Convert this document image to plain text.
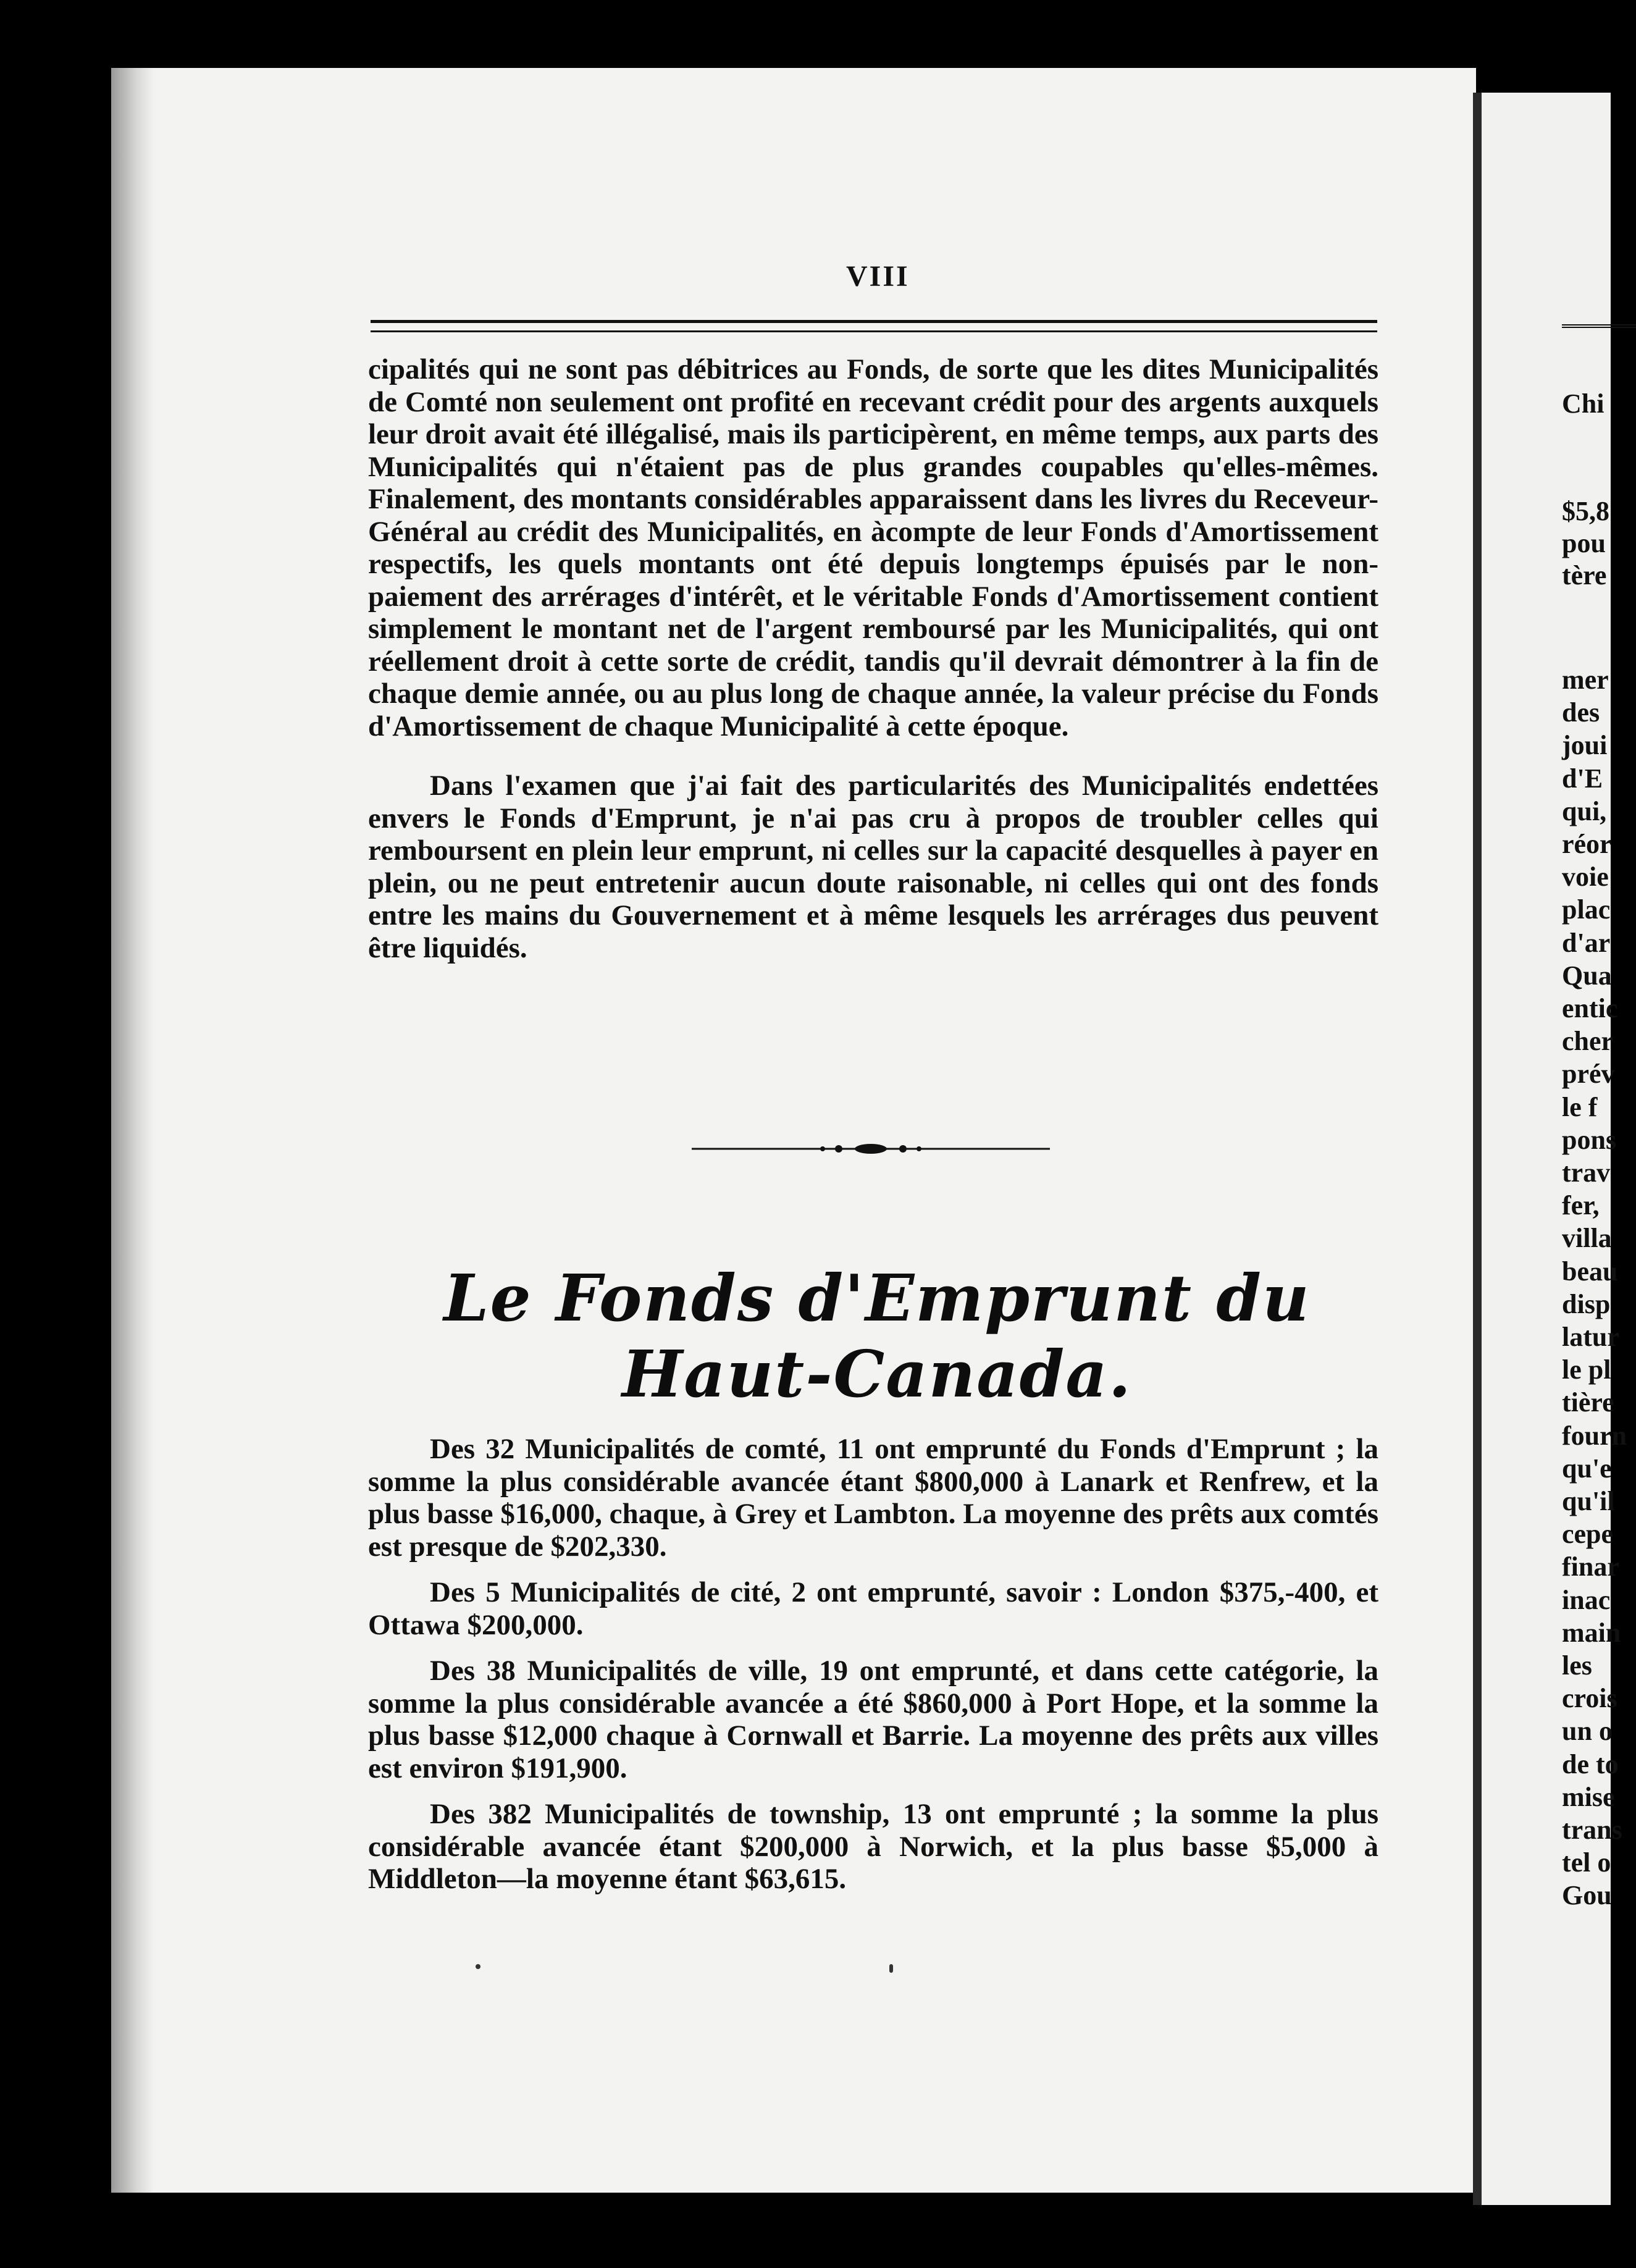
Chi
$5,8
pou
tère
mer
des
joui
d'E
qui,
réor
voie
plac
d'ar
Qua
entic
cher
prév
le f
pons
trav
fer,
villa
beau
disp
latur
le pl
tière
fourn
qu'e
qu'il
cepe
finar
inac
main
les
crois
un o
de to
mise
trans
tel o
Gou
VIII

cipalités qui ne sont pas débitrices au Fonds, de sorte que les dites Municipalités de Comté non seulement ont profité en recevant crédit pour des argents auxquels leur droit avait été illégalisé, mais ils participèrent, en même temps, aux parts des Municipalités qui n'étaient pas de plus grandes coupables qu'elles-mêmes. Finalement, des montants considérables apparaissent dans les livres du Receveur-Général au crédit des Municipalités, en àcompte de leur Fonds d'Amortissement respectifs, les quels montants ont été depuis longtemps épuisés par le non-paiement des arrérages d'intérêt, et le véritable Fonds d'Amortissement contient simplement le montant net de l'argent remboursé par les Municipalités, qui ont réellement droit à cette sorte de crédit, tandis qu'il devrait démontrer à la fin de chaque demie année, ou au plus long de chaque année, la valeur précise du Fonds d'Amortissement de chaque Municipalité à cette époque.

Dans l'examen que j'ai fait des particularités des Municipalités endettées envers le Fonds d'Emprunt, je n'ai pas cru à propos de troubler celles qui remboursent en plein leur emprunt, ni celles sur la capacité desquelles à payer en plein, ou ne peut entretenir aucun doute raisonable, ni celles qui ont des fonds entre les mains du Gouvernement et à même lesquels les arrérages dus peuvent être liquidés.

Le Fonds d'Emprunt du Haut-Canada.

Des 32 Municipalités de comté, 11 ont emprunté du Fonds d'Emprunt ; la somme la plus considérable avancée étant $800,000 à Lanark et Renfrew, et la plus basse $16,000, chaque, à Grey et Lambton. La moyenne des prêts aux comtés est presque de $202,330.

Des 5 Municipalités de cité, 2 ont emprunté, savoir : London $375,-400, et Ottawa $200,000.

Des 38 Municipalités de ville, 19 ont emprunté, et dans cette catégorie, la somme la plus considérable avancée a été $860,000 à Port Hope, et la somme la plus basse $12,000 chaque à Cornwall et Barrie. La moyenne des prêts aux villes est environ $191,900.

Des 382 Municipalités de township, 13 ont emprunté ; la somme la plus considérable avancée étant $200,000 à Norwich, et la plus basse $5,000 à Middleton—la moyenne étant $63,615.
